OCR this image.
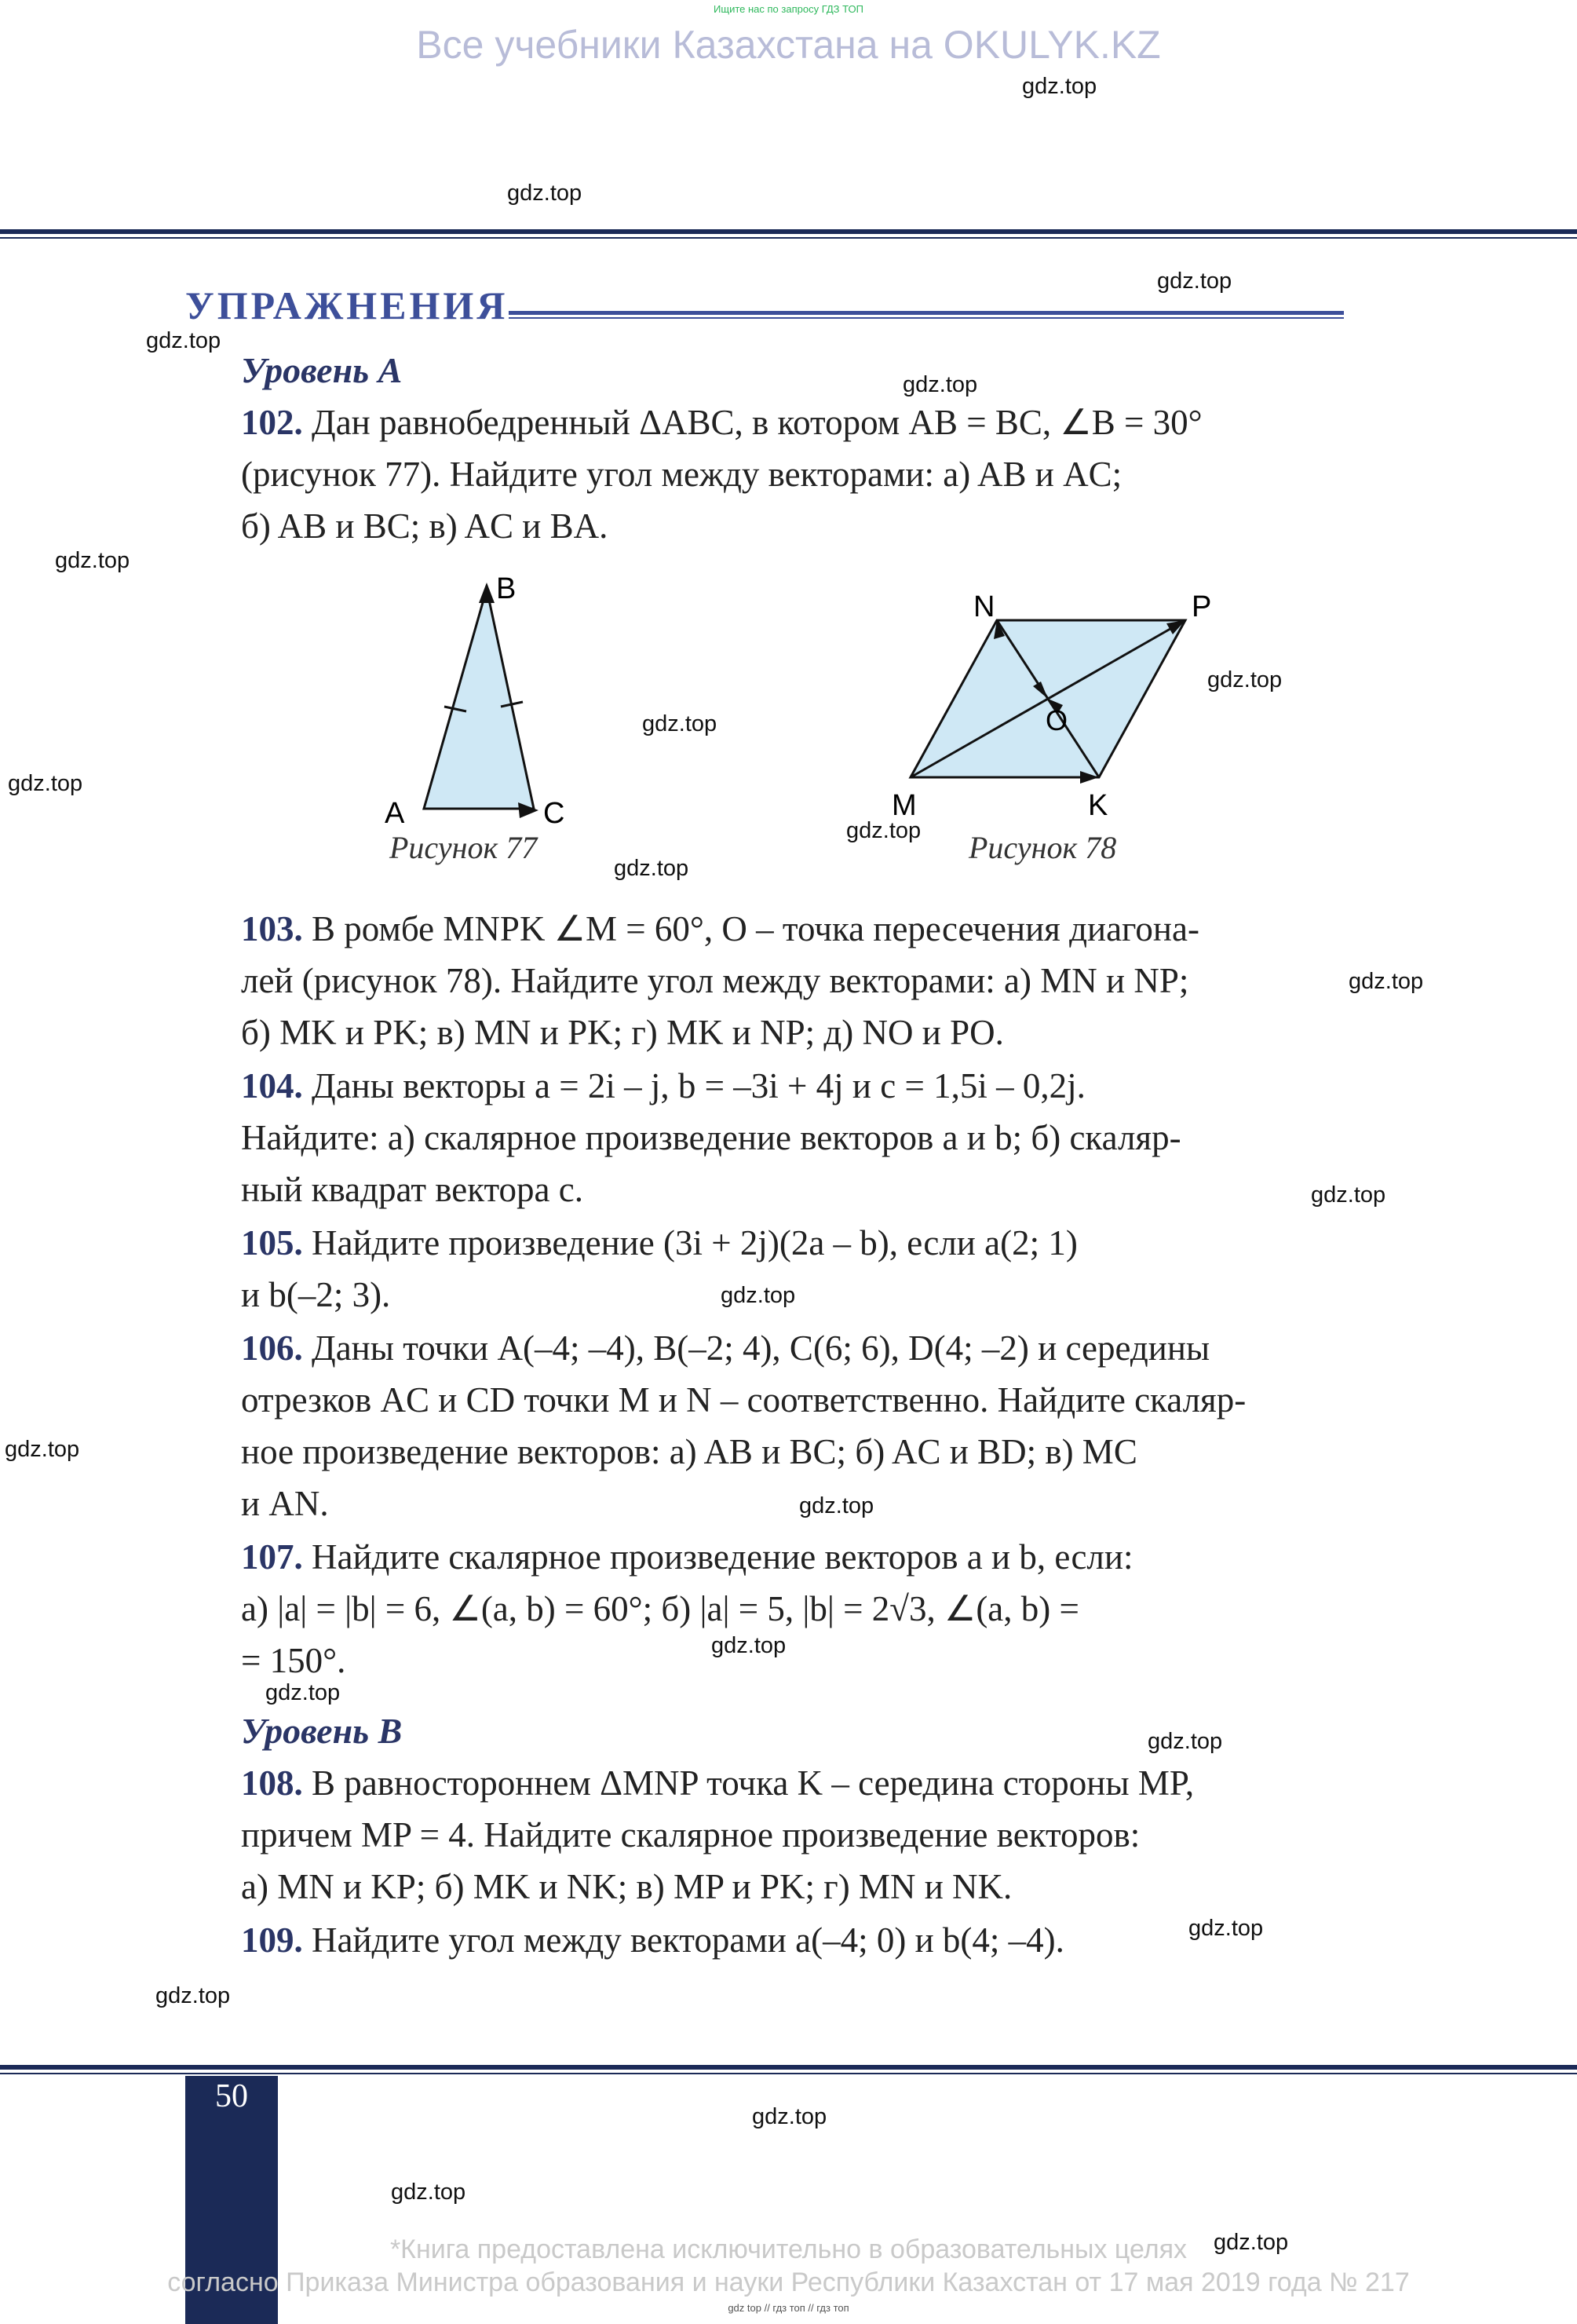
Ищите нас по запросу ГДЗ ТОП
Все учебники Казахстана на OKULYK.KZ
УПРАЖНЕНИЯ
Уровень А
102. Дан равнобедренный ΔABC, в котором AB = BC, ∠B = 30°
(рисунок 77). Найдите угол между векторами: а) AB и AC;
б) AB и BC; в) AC и BA.
B
A	C
Рисунок 77
N	P
O
M	K
Рисунок 78
103. В ромбе MNPK ∠M = 60°, O – точка пересечения диагона-
лей (рисунок 78). Найдите угол между векторами: а) MN и NP;
б) MK и PK; в) MN и PK; г) MK и NP; д) NO и PO.
104. Даны векторы a = 2i – j, b = –3i + 4j и c = 1,5i – 0,2j.
Найдите: а) скалярное произведение векторов a и b; б) скаляр-
ный квадрат вектора c.
105. Найдите произведение (3i + 2j)(2a – b), если a(2; 1)
и b(–2; 3).
106. Даны точки A(–4; –4), B(–2; 4), C(6; 6), D(4; –2) и середины
отрезков AC и CD точки M и N – соответственно. Найдите скаляр-
ное произведение векторов: а) AB и BC; б) AC и BD; в) MC
и AN.
107. Найдите скалярное произведение векторов a и b, если:
а) |a| = |b| = 6, ∠(a, b) = 60°; б) |a| = 5, |b| = 2√3, ∠(a, b) =
= 150°.
Уровень В
108. В равностороннем ΔMNP точка K – середина стороны MP,
причем MP = 4. Найдите скалярное произведение векторов:
а) MN и KP; б) MK и NK; в) MP и PK; г) MN и NK.
109. Найдите угол между векторами a(–4; 0) и b(4; –4).
50
*Книга предоставлена исключительно в образовательных целях
согласно Приказа Министра образования и науки Республики Казахстан от 17 мая 2019 года № 217
gdz top // гдз топ // гдз топ
gdz.top
gdz.top
gdz.top
gdz.top
gdz.top
gdz.top
gdz.top
gdz.top
gdz.top
gdz.top
gdz.top
gdz.top
gdz.top
gdz.top
gdz.top
gdz.top
gdz.top
gdz.top
gdz.top
gdz.top
gdz.top
gdz.top
gdz.top
gdz.top
